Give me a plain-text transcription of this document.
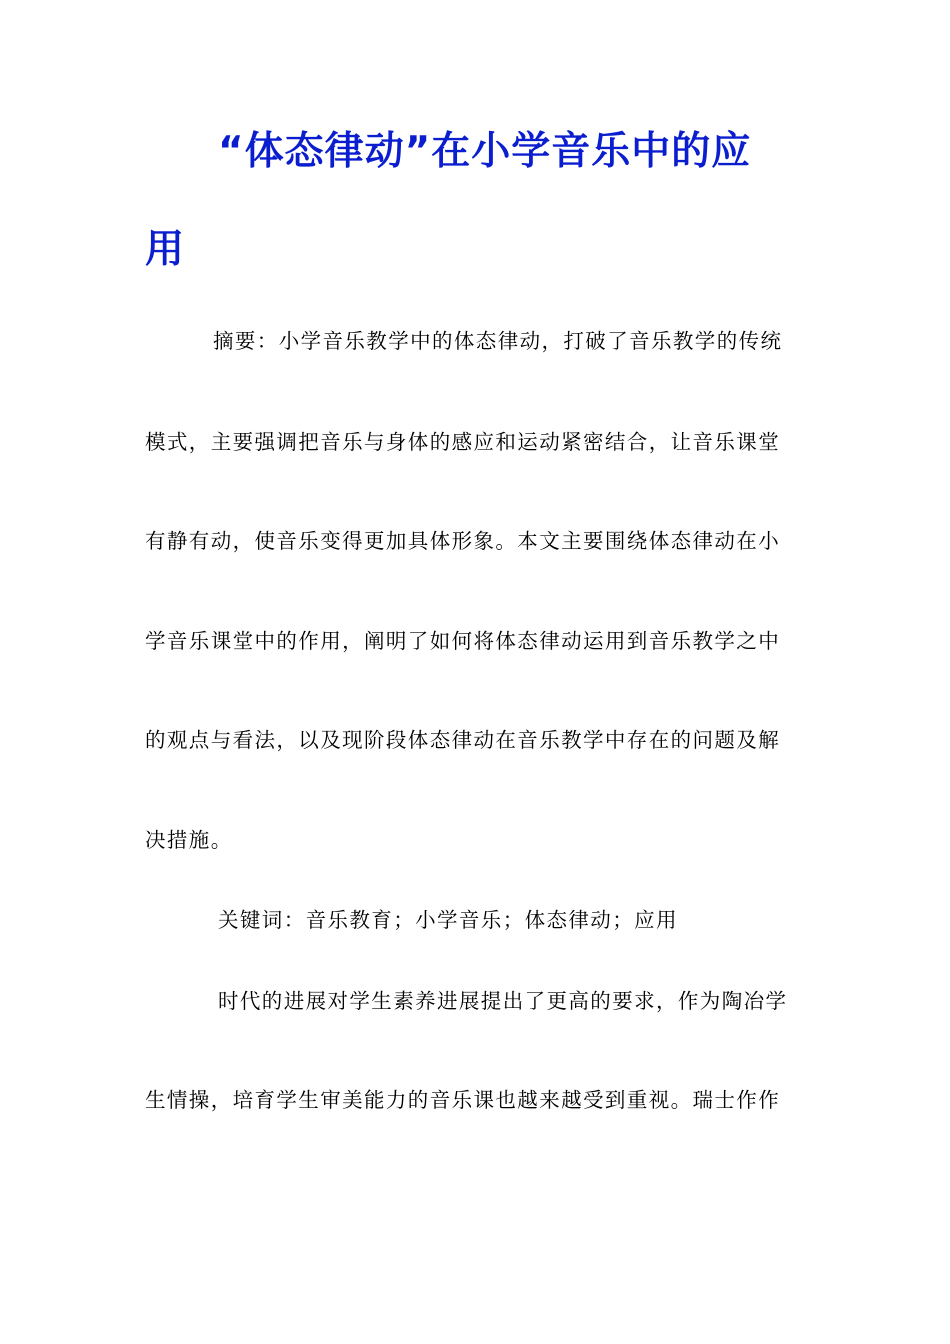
“体态律动”在小学音乐中的应
用

摘要：小学音乐教学中的体态律动，打破了音乐教学的传统

模式，主要强调把音乐与身体的感应和运动紧密结合，让音乐课堂

有静有动，使音乐变得更加具体形象。本文主要围绕体态律动在小

学音乐课堂中的作用，阐明了如何将体态律动运用到音乐教学之中

的观点与看法，以及现阶段体态律动在音乐教学中存在的问题及解

决措施。

关键词：音乐教育；小学音乐；体态律动；应用

时代的进展对学生素养进展提出了更高的要求，作为陶冶学

生情操，培育学生审美能力的音乐课也越来越受到重视。瑞士作作
